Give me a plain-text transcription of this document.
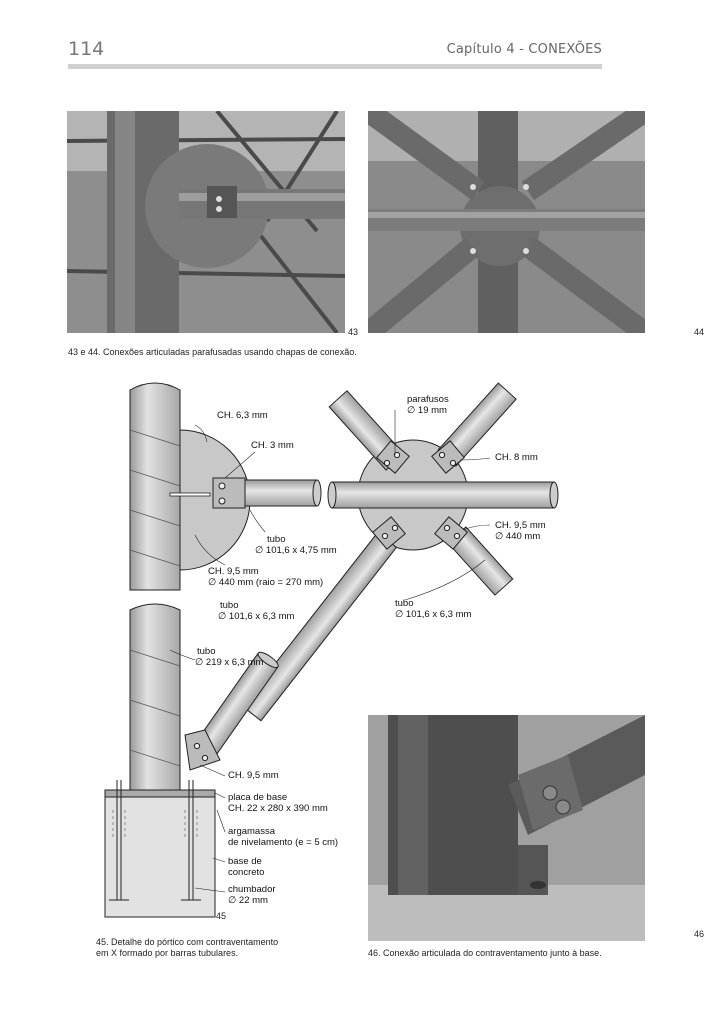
114	Capítulo 4 - CONEXÕES
43	44
43 e 44. Conexões articuladas parafusadas usando chapas de conexão.
CH. 6,3 mm
CH. 3 mm
tubo
∅ 101,6 x 4,75 mm
CH. 9,5 mm
∅ 440 mm (raio = 270 mm)
tubo
∅ 101,6 x 6,3 mm
tubo
∅ 219 x 6,3 mm
parafusos
∅ 19 mm
CH. 8 mm
CH. 9,5 mm
∅ 440 mm
tubo
∅ 101,6 x 6,3 mm
CH. 9,5 mm
placa de base
CH. 22 x 280 x 390 mm
argamassa
de nivelamento (e = 5 cm)
base de
concreto
chumbador
∅ 22 mm
45
46
45. Detalhe do pórtico com contraventamento
em X formado por barras tubulares.	46. Conexão articulada do contraventamento junto à base.
